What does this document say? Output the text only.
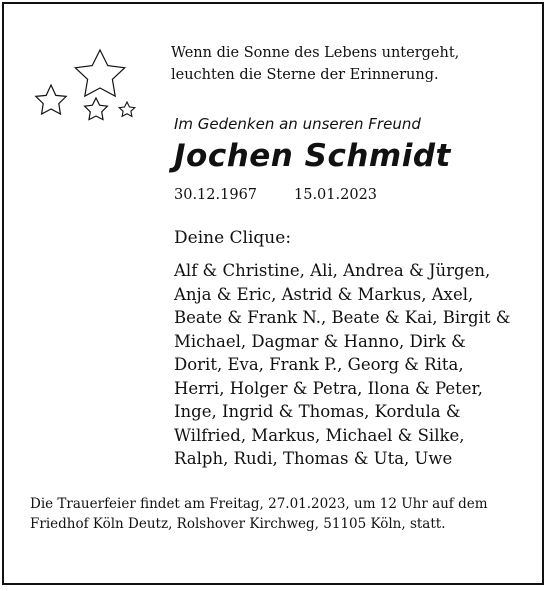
Wenn die Sonne des Lebens untergeht,
leuchten die Sterne der Erinnerung.
Im Gedenken an unseren Freund
Jochen Schmidt
30.12.1967	15.01.2023
Deine Clique:
Alf & Christine, Ali, Andrea & Jürgen,
Anja & Eric, Astrid & Markus, Axel,
Beate & Frank N., Beate & Kai, Birgit &
Michael, Dagmar & Hanno, Dirk &
Dorit, Eva, Frank P., Georg & Rita,
Herri, Holger & Petra, Ilona & Peter,
Inge, Ingrid & Thomas, Kordula &
Wilfried, Markus, Michael & Silke,
Ralph, Rudi, Thomas & Uta, Uwe
Die Trauerfeier findet am Freitag, 27.01.2023, um 12 Uhr auf dem
Friedhof Köln Deutz, Rolshover Kirchweg, 51105 Köln, statt.
